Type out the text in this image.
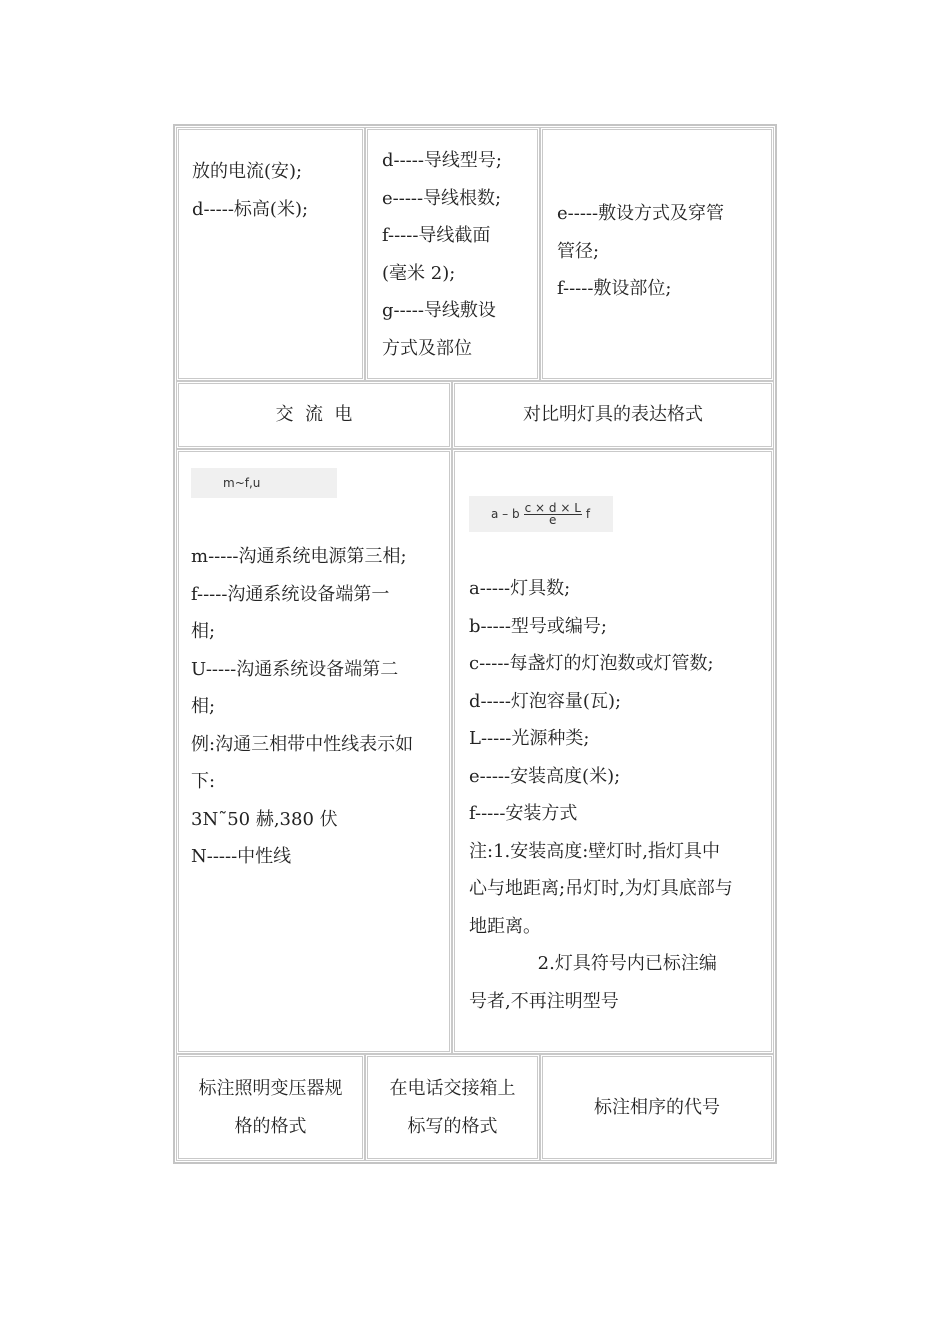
放的电流(安);
d-----标高(米);
d-----导线型号;
e-----导线根数;
f-----导线截面
(毫米 2);
g-----导线敷设
方式及部位
e-----敷设方式及穿管
管径;
f-----敷设部位;
交  流  电	对比明灯具的表达格式
m~f,u
m-----沟通系统电源第三相;
f-----沟通系统设备端第一
相;
U-----沟通系统设备端第二
相;
例:沟通三相带中性线表示如
下:
3N˜50 赫,380 伏
N-----中性线
a – b $\frac{c \times d \times L}{e}$ f
a-----灯具数;
b-----型号或编号;
c-----每盏灯的灯泡数或灯管数;
d-----灯泡容量(瓦);
L-----光源种类;
e-----安装高度(米);
f-----安装方式
注:1.安装高度:壁灯时,指灯具中
心与地距离;吊灯时,为灯具底部与
地距离。
2.灯具符号内已标注编
号者,不再注明型号
标注照明变压器规
格的格式
在电话交接箱上
标写的格式
标注相序的代号
